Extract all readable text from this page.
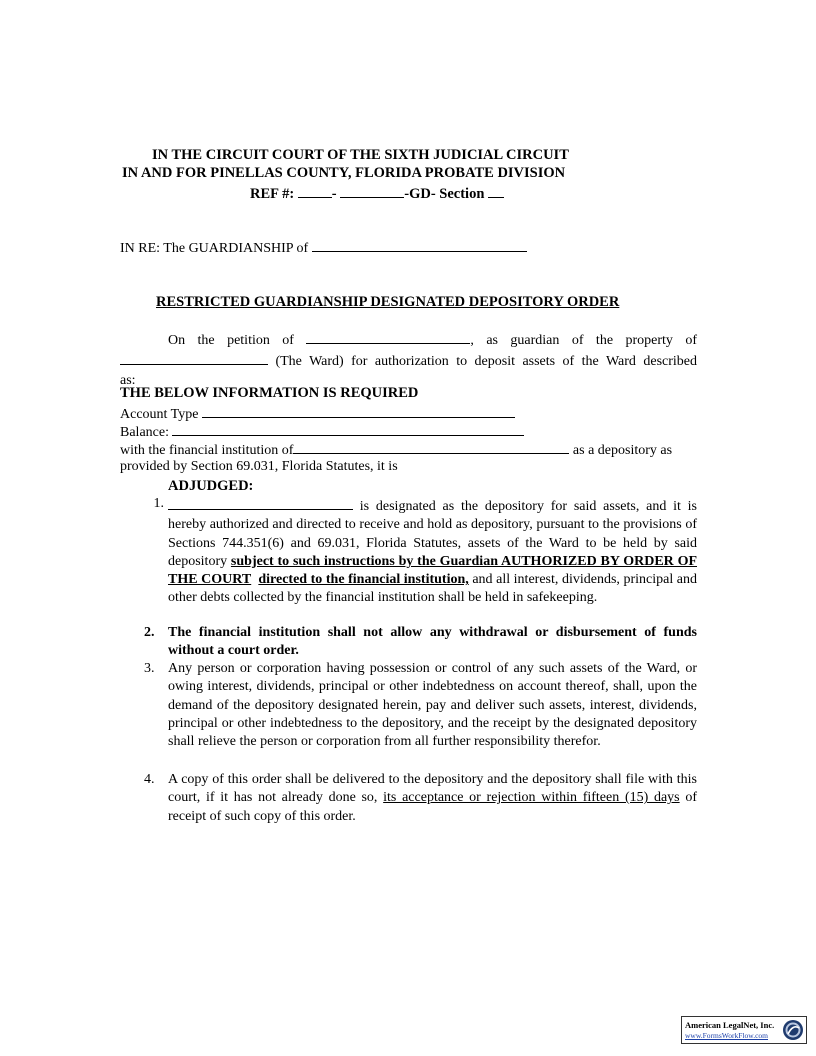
IN THE CIRCUIT COURT OF THE SIXTH JUDICIAL CIRCUIT
IN AND FOR PINELLAS COUNTY, FLORIDA PROBATE DIVISION
REF #:	-	-GD- Section
IN RE: The GUARDIANSHIP of
RESTRICTED GUARDIANSHIP DESIGNATED DEPOSITORY ORDER
On the petition of	, as guardian of the property of
(The Ward) for authorization to deposit assets of the Ward described
as:
THE BELOW INFORMATION IS REQUIRED
Account Type
Balance:
with the financial institution of	as a depository as
provided by Section 69.031, Florida Statutes, it is
ADJUDGED:
1.	is designated as the depository for said assets, and it is hereby authorized and directed to receive and hold as depository, pursuant to the provisions of Sections 744.351(6) and 69.031, Florida Statutes, assets of the Ward to be held by said depository subject to such instructions by the Guardian AUTHORIZED BY ORDER OF THE COURT directed to the financial institution, and all interest, dividends, principal and other debts collected by the financial institution shall be held in safekeeping.
2. The financial institution shall not allow any withdrawal or disbursement of funds without a court order.
3. Any person or corporation having possession or control of any such assets of the Ward, or owing interest, dividends, principal or other indebtedness on account thereof, shall, upon the demand of the depository designated herein, pay and deliver such assets, interest, dividends, principal or other indebtedness to the depository, and the receipt by the designated depository shall relieve the person or corporation from all further responsibility therefor.
4. A copy of this order shall be delivered to the depository and the depository shall file with this court, if it has not already done so, its acceptance or rejection within fifteen (15) days of receipt of such copy of this order.
American LegalNet, Inc.
www.FormsWorkFlow.com
